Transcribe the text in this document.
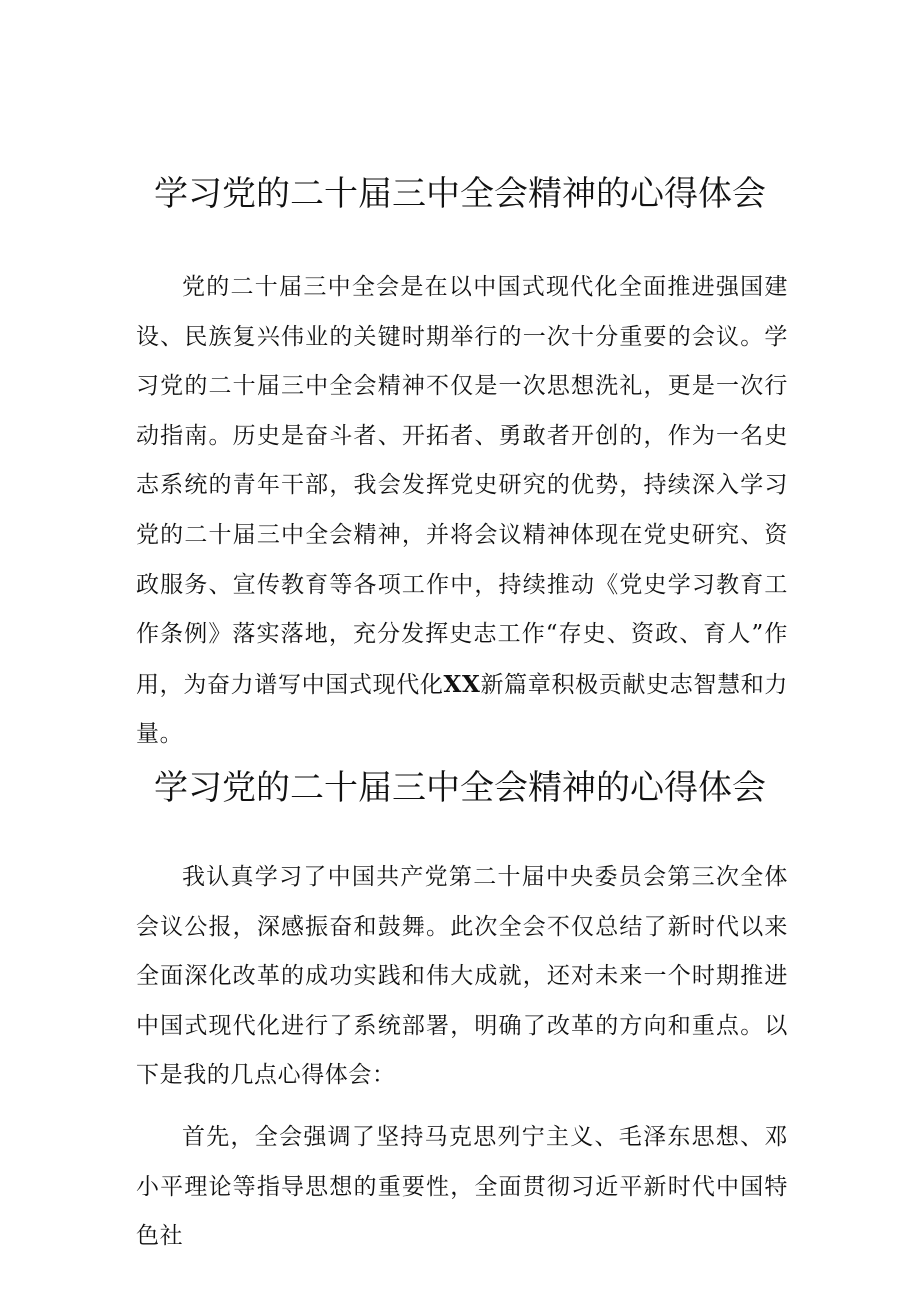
学习党的二十届三中全会精神的心得体会

党的二十届三中全会是在以中国式现代化全面推进强国建设、民族复兴伟业的关键时期举行的一次十分重要的会议。学习党的二十届三中全会精神不仅是一次思想洗礼，更是一次行动指南。历史是奋斗者、开拓者、勇敢者开创的，作为一名史志系统的青年干部，我会发挥党史研究的优势，持续深入学习党的二十届三中全会精神，并将会议精神体现在党史研究、资政服务、宣传教育等各项工作中，持续推动《党史学习教育工作条例》落实落地，充分发挥史志工作“存史、资政、育人”作用，为奋力谱写中国式现代化XX新篇章积极贡献史志智慧和力量。

学习党的二十届三中全会精神的心得体会

我认真学习了中国共产党第二十届中央委员会第三次全体会议公报，深感振奋和鼓舞。此次全会不仅总结了新时代以来全面深化改革的成功实践和伟大成就，还对未来一个时期推进中国式现代化进行了系统部署，明确了改革的方向和重点。以下是我的几点心得体会：

首先，全会强调了坚持马克思列宁主义、毛泽东思想、邓小平理论等指导思想的重要性，全面贯彻习近平新时代中国特色社
